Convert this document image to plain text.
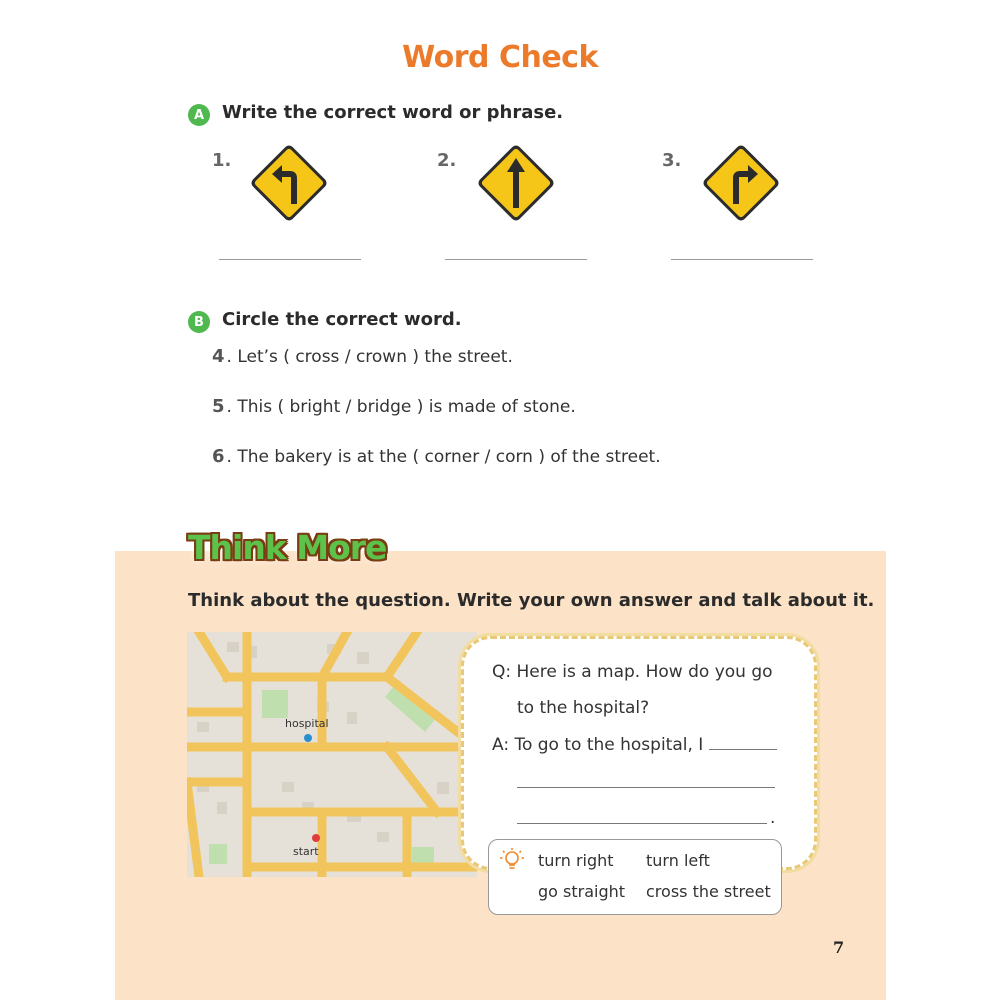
Word Check
A Write the correct word or phrase.
1.	2.	3.
B	Circle the correct word.
4 . Let’s ( cross / crown ) the street.
5 . This ( bright / bridge ) is made of stone.
6 . The bakery is at the ( corner / corn ) of the street.
Think More
Think about the question. Write your own answer and talk about it.
hospital
start
Q: Here is a map. How do you go
to the hospital?
A: To go to the hospital, I
.
turn right turn left
go straight cross the street
7
